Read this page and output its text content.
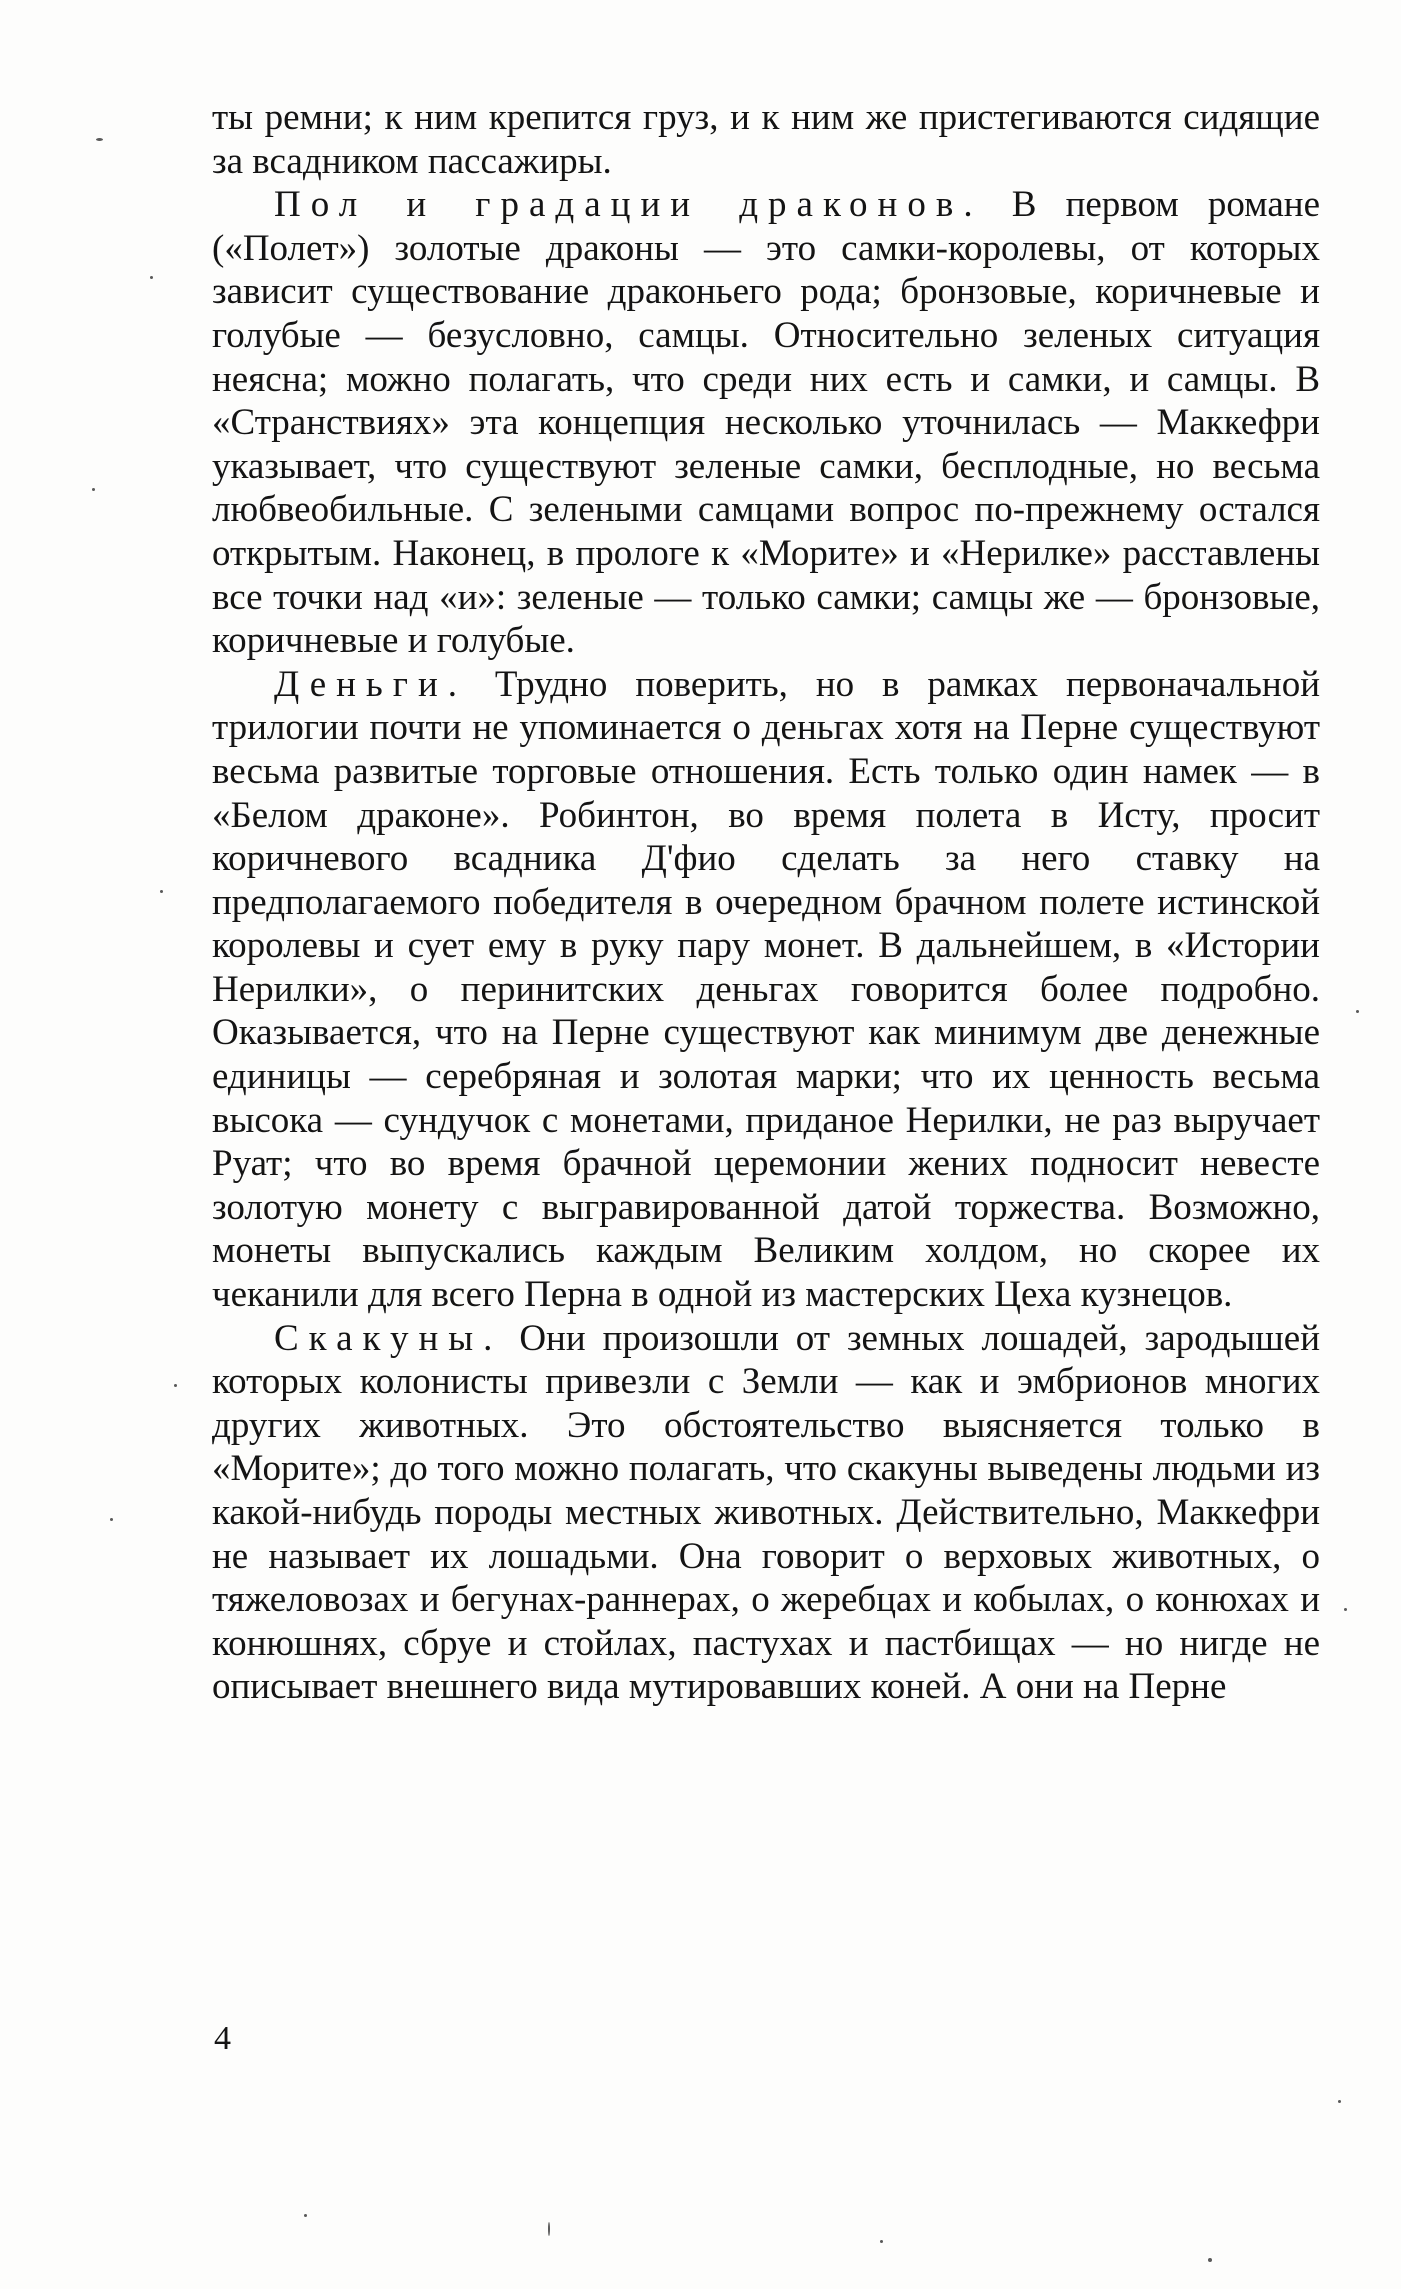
ты ремни; к ним крепится груз, и к ним же пристегиваются сидящие за всадником пассажиры.

Пол и градации драконов. В первом романе («Полет») золотые драконы — это самки-королевы, от которых зависит существование драконьего рода; бронзовые, коричневые и голубые — безусловно, самцы. Относительно зеленых ситуация неясна; можно полагать, что среди них есть и самки, и самцы. В «Странствиях» эта концепция несколько уточнилась — Маккефри указывает, что существуют зеленые самки, бесплодные, но весьма любвеобильные. С зелеными самцами вопрос по-прежнему остался открытым. Наконец, в прологе к «Морите» и «Нерилке» расставлены все точки над «и»: зеленые — только самки; самцы же — бронзовые, коричневые и голубые.

Деньги. Трудно поверить, но в рамках первоначальной трилогии почти не упоминается о деньгах хотя на Перне существуют весьма развитые торговые отношения. Есть только один намек — в «Белом драконе». Робинтон, во время полета в Исту, просит коричневого всадника Д'фио сделать за него ставку на предполагаемого победителя в очередном брачном полете истинской королевы и сует ему в руку пару монет. В дальнейшем, в «Истории Нерилки», о перинитских деньгах говорится более подробно. Оказывается, что на Перне существуют как минимум две денежные единицы — серебряная и золотая марки; что их ценность весьма высока — сундучок с монетами, приданое Нерилки, не раз выручает Руат; что во время брачной церемонии жених подносит невесте золотую монету с выгравированной датой торжества. Возможно, монеты выпускались каждым Великим холдом, но скорее их чеканили для всего Перна в одной из мастерских Цеха кузнецов.

Скакуны. Они произошли от земных лошадей, зародышей которых колонисты привезли с Земли — как и эмбрионов многих других животных. Это обстоятельство выясняется только в «Морите»; до того можно полагать, что скакуны выведены людьми из какой-нибудь породы местных животных. Действительно, Маккефри не называет их лошадьми. Она говорит о верховых животных, о тяжеловозах и бегунах-раннерах, о жеребцах и кобылах, о конюхах и конюшнях, сбруе и стойлах, пастухах и пастбищах — но нигде не описывает внешнего вида мутировавших коней. А они на Перне

4
